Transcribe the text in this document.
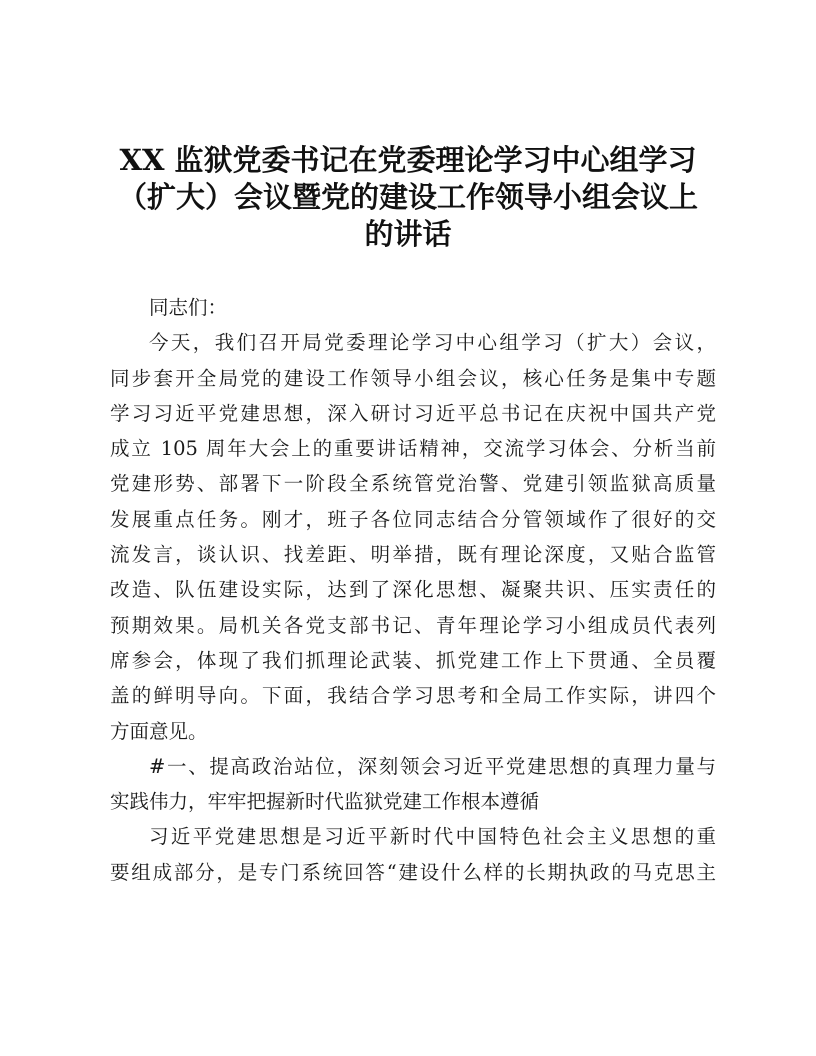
XX 监狱党委书记在党委理论学习中心组学习
（扩大）会议暨党的建设工作领导小组会议上
的讲话
同志们：
今天，我们召开局党委理论学习中心组学习（扩大）会议，
同步套开全局党的建设工作领导小组会议，核心任务是集中专题
学习习近平党建思想，深入研讨习近平总书记在庆祝中国共产党
成立 105 周年大会上的重要讲话精神，交流学习体会、分析当前
党建形势、部署下一阶段全系统管党治警、党建引领监狱高质量
发展重点任务。刚才，班子各位同志结合分管领域作了很好的交
流发言，谈认识、找差距、明举措，既有理论深度，又贴合监管
改造、队伍建设实际，达到了深化思想、凝聚共识、压实责任的
预期效果。局机关各党支部书记、青年理论学习小组成员代表列
席参会，体现了我们抓理论武装、抓党建工作上下贯通、全员覆
盖的鲜明导向。下面，我结合学习思考和全局工作实际，讲四个
方面意见。
#一、提高政治站位，深刻领会习近平党建思想的真理力量与
实践伟力，牢牢把握新时代监狱党建工作根本遵循
习近平党建思想是习近平新时代中国特色社会主义思想的重
要组成部分，是专门系统回答“建设什么样的长期执政的马克思主
